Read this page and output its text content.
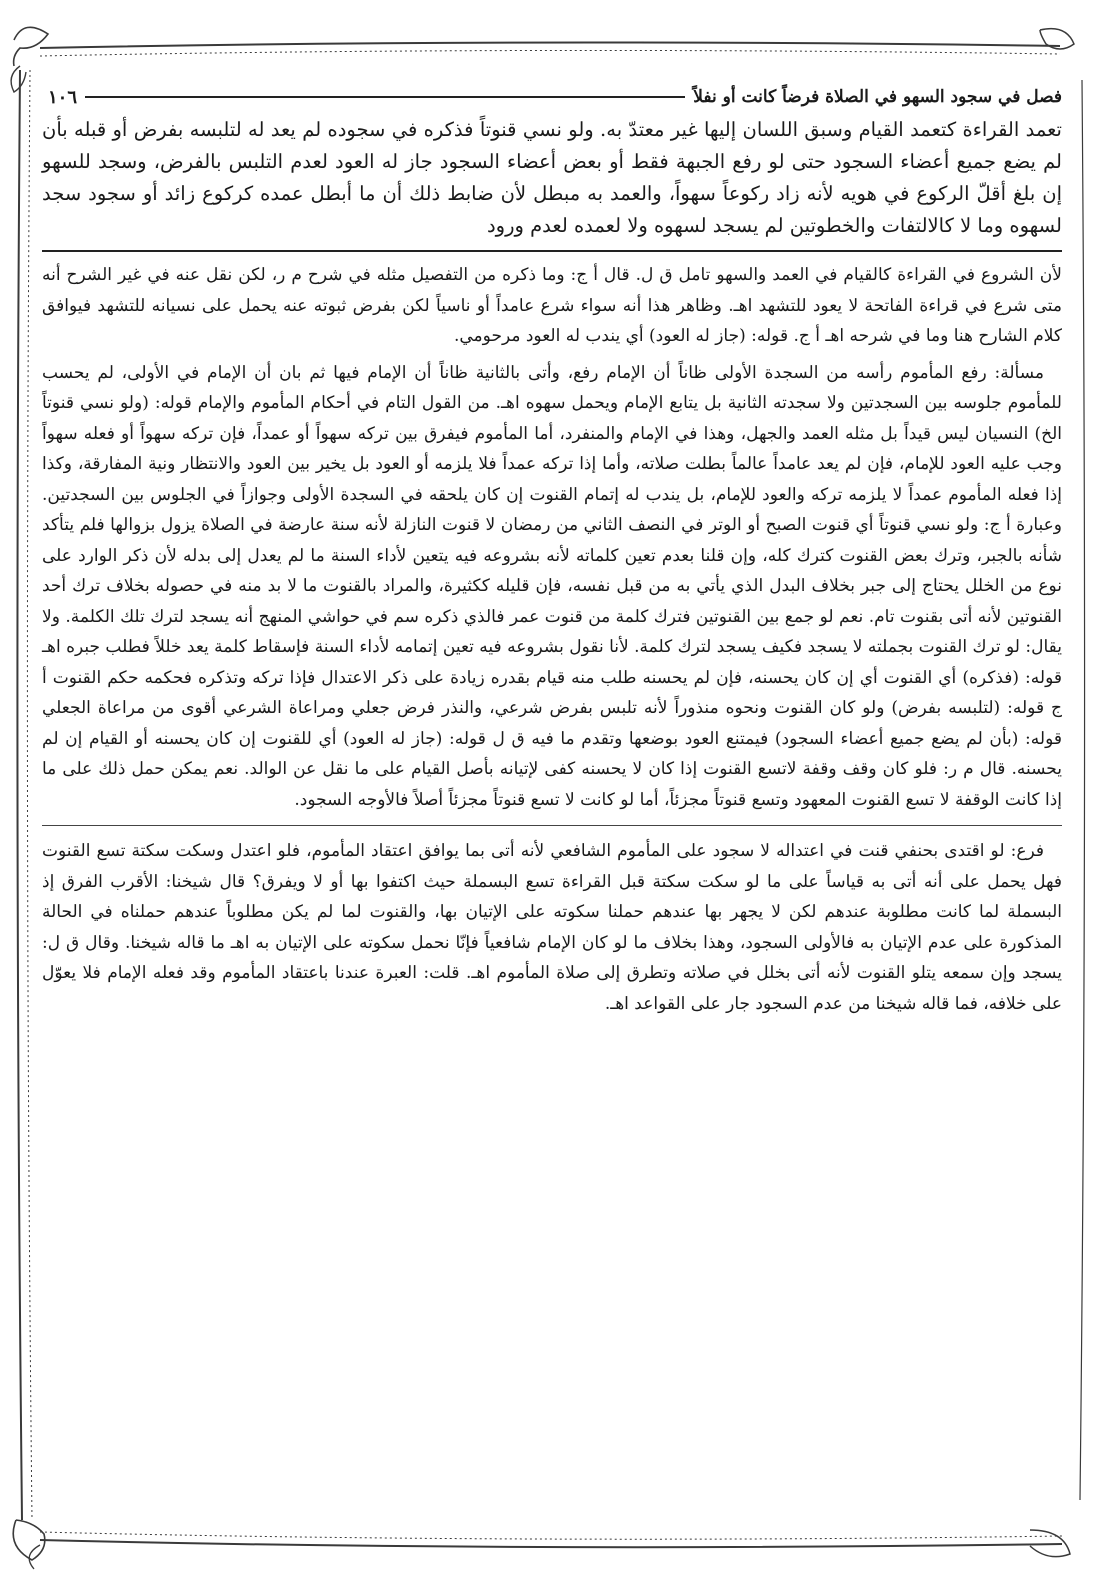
فصل في سجود السهو في الصلاة فرضاً كانت أو نفلاً
١٠٦

تعمد القراءة كتعمد القيام وسبق اللسان إليها غير معتدّ به. ولو نسي قنوتاً فذكره في سجوده لم يعد له لتلبسه بفرض أو قبله بأن لم يضع جميع أعضاء السجود حتى لو رفع الجبهة فقط أو بعض أعضاء السجود جاز له العود لعدم التلبس بالفرض، وسجد للسهو إن بلغ أقلّ الركوع في هويه لأنه زاد ركوعاً سهواً، والعمد به مبطل لأن ضابط ذلك أن ما أبطل عمده كركوع زائد أو سجود سجد لسهوه وما لا كالالتفات والخطوتين لم يسجد لسهوه ولا لعمده لعدم ورود

لأن الشروع في القراءة كالقيام في العمد والسهو تامل ق ل. قال أ ج: وما ذكره من التفصيل مثله في شرح م ر، لكن نقل عنه في غير الشرح أنه متى شرع في قراءة الفاتحة لا يعود للتشهد اهـ. وظاهر هذا أنه سواء شرع عامداً أو ناسياً لكن بفرض ثبوته عنه يحمل على نسيانه للتشهد فيوافق كلام الشارح هنا وما في شرحه اهـ أ ج. قوله: (جاز له العود) أي يندب له العود مرحومي.

مسألة: رفع المأموم رأسه من السجدة الأولى ظاناً أن الإمام رفع، وأتى بالثانية ظاناً أن الإمام فيها ثم بان أن الإمام في الأولى، لم يحسب للمأموم جلوسه بين السجدتين ولا سجدته الثانية بل يتابع الإمام ويحمل سهوه اهـ. من القول التام في أحكام المأموم والإمام قوله: (ولو نسي قنوتاً الخ) النسيان ليس قيداً بل مثله العمد والجهل، وهذا في الإمام والمنفرد، أما المأموم فيفرق بين تركه سهواً أو عمداً، فإن تركه سهواً أو فعله سهواً وجب عليه العود للإمام، فإن لم يعد عامداً عالماً بطلت صلاته، وأما إذا تركه عمداً فلا يلزمه أو العود بل يخير بين العود والانتظار ونية المفارقة، وكذا إذا فعله المأموم عمداً لا يلزمه تركه والعود للإمام، بل يندب له إتمام القنوت إن كان يلحقه في السجدة الأولى وجوازاً في الجلوس بين السجدتين. وعبارة أ ج: ولو نسي قنوتاً أي قنوت الصبح أو الوتر في النصف الثاني من رمضان لا قنوت النازلة لأنه سنة عارضة في الصلاة يزول بزوالها فلم يتأكد شأنه بالجبر، وترك بعض القنوت كترك كله، وإن قلنا بعدم تعين كلماته لأنه بشروعه فيه يتعين لأداء السنة ما لم يعدل إلى بدله لأن ذكر الوارد على نوع من الخلل يحتاج إلى جبر بخلاف البدل الذي يأتي به من قبل نفسه، فإن قليله ككثيرة، والمراد بالقنوت ما لا بد منه في حصوله بخلاف ترك أحد القنوتين لأنه أتى بقنوت تام. نعم لو جمع بين القنوتين فترك كلمة من قنوت عمر فالذي ذكره سم في حواشي المنهج أنه يسجد لترك تلك الكلمة. ولا يقال: لو ترك القنوت بجملته لا يسجد فكيف يسجد لترك كلمة. لأنا نقول بشروعه فيه تعين إتمامه لأداء السنة فإسقاط كلمة يعد خللاً فطلب جبره اهـ قوله: (فذكره) أي القنوت أي إن كان يحسنه، فإن لم يحسنه طلب منه قيام بقدره زيادة على ذكر الاعتدال فإذا ترکه وتذكره فحكمه حكم القنوت أ ج قوله: (لتلبسه بفرض) ولو كان القنوت ونحوه منذوراً لأنه تلبس بفرض شرعي، والنذر فرض جعلي ومراعاة الشرعي أقوى من مراعاة الجعلي قوله: (بأن لم يضع جميع أعضاء السجود) فيمتنع العود بوضعها وتقدم ما فيه ق ل قوله: (جاز له العود) أي للقنوت إن كان يحسنه أو القيام إن لم يحسنه. قال م ر: فلو كان وقف وقفة لاتسع القنوت إذا كان لا يحسنه كفى لإتيانه بأصل القيام على ما نقل عن الوالد. نعم يمكن حمل ذلك على ما إذا كانت الوقفة لا تسع القنوت المعهود وتسع قنوتاً مجزئاً، أما لو كانت لا تسع قنوتاً مجزئاً أصلاً فالأوجه السجود.

فرع: لو اقتدى بحنفي قنت في اعتداله لا سجود على المأموم الشافعي لأنه أتى بما يوافق اعتقاد المأموم، فلو اعتدل وسكت سكتة تسع القنوت فهل يحمل على أنه أتى به قياساً على ما لو سكت سكتة قبل القراءة تسع البسملة حيث اكتفوا بها أو لا ويفرق؟ قال شيخنا: الأقرب الفرق إذ البسملة لما كانت مطلوبة عندهم لكن لا يجهر بها عندهم حملنا سكوته على الإتيان بها، والقنوت لما لم يكن مطلوباً عندهم حملناه في الحالة المذكورة على عدم الإتيان به فالأولى السجود، وهذا بخلاف ما لو كان الإمام شافعياً فإنّا نحمل سكوته على الإتيان به اهـ ما قاله شيخنا. وقال ق ل: يسجد وإن سمعه يتلو القنوت لأنه أتى بخلل في صلاته وتطرق إلى صلاة المأموم اهـ. قلت: العبرة عندنا باعتقاد المأموم وقد فعله الإمام فلا يعوّل على خلافه، فما قاله شيخنا من عدم السجود جار على القواعد اهـ.
